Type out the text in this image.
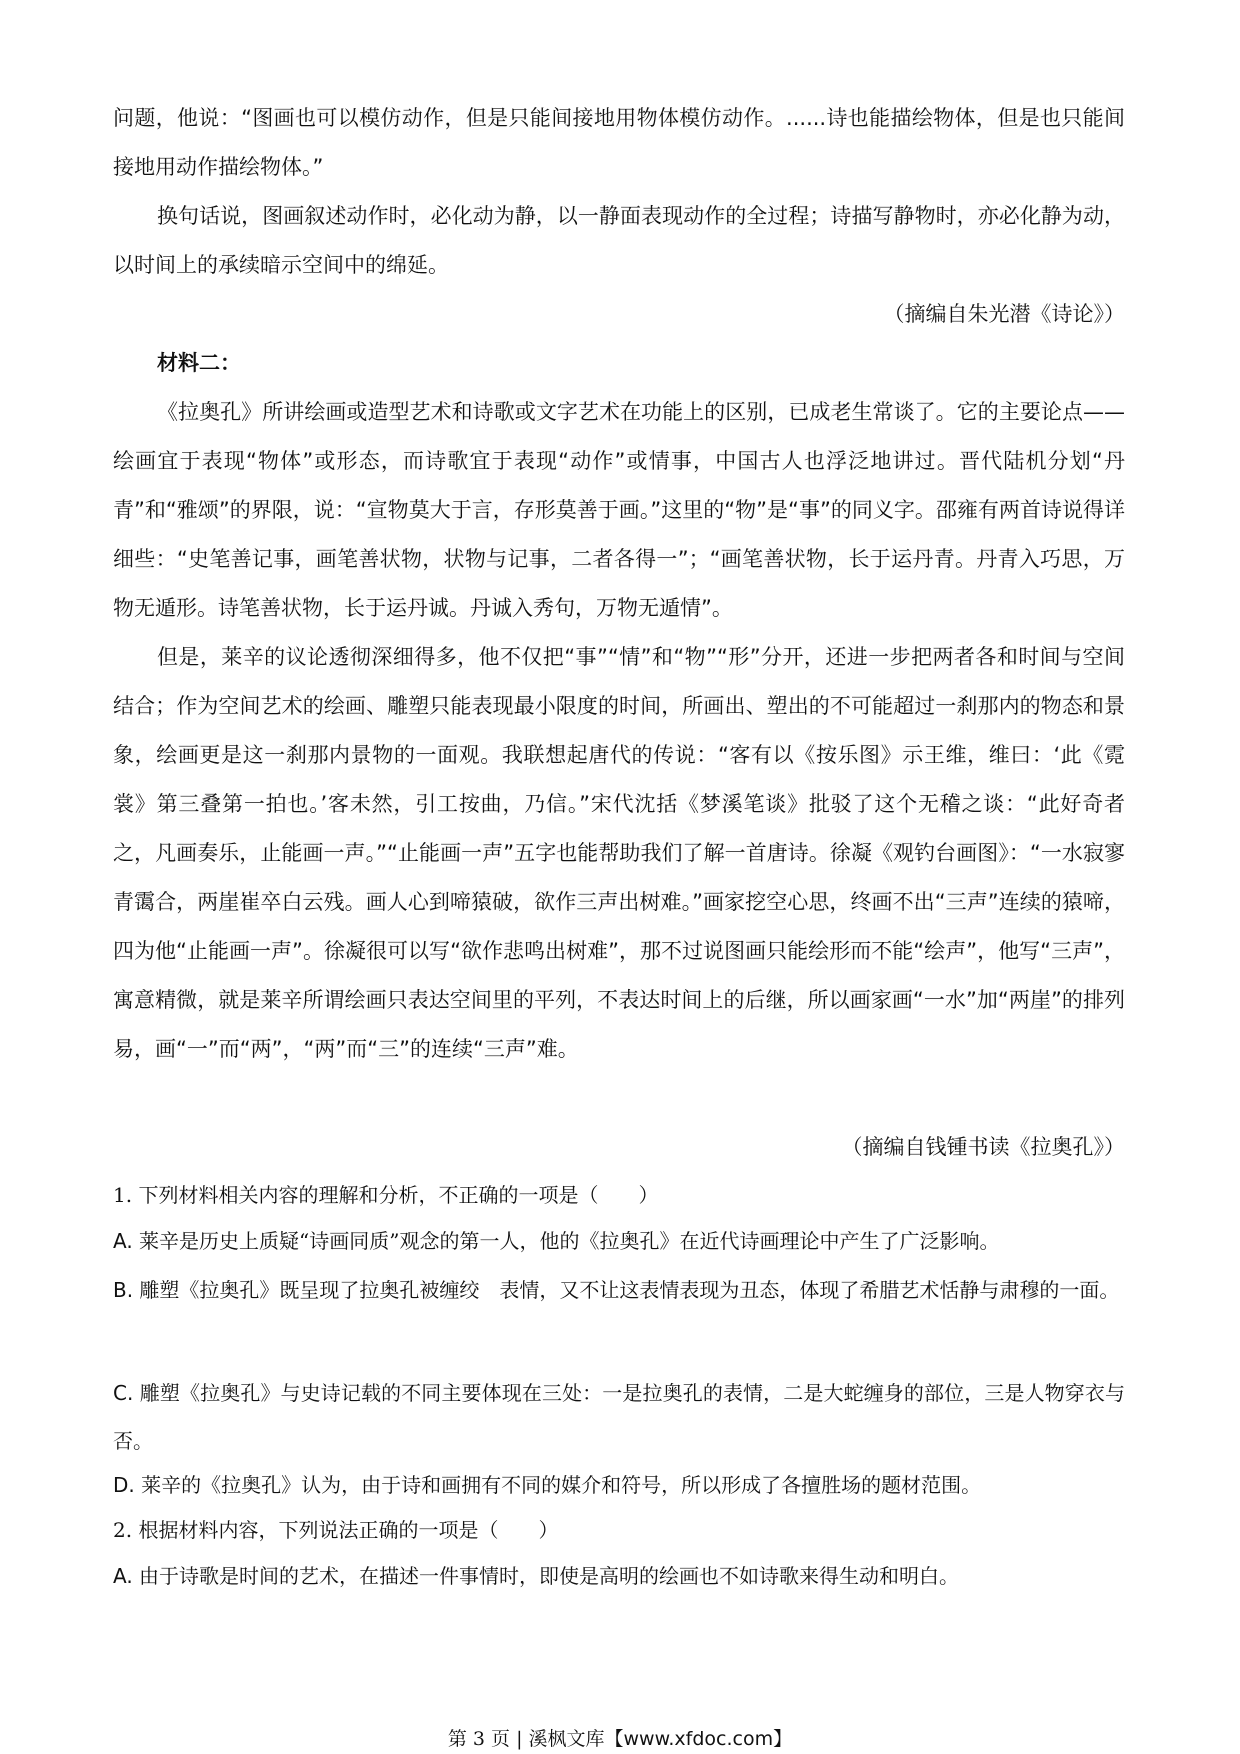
问题，他说：“图画也可以模仿动作，但是只能间接地用物体模仿动作。......诗也能描绘物体，但是也只能间接地用动作描绘物体。”

换句话说，图画叙述动作时，必化动为静，以一静面表现动作的全过程；诗描写静物时，亦必化静为动，以时间上的承续暗示空间中的绵延。

（摘编自朱光潜《诗论》）

材料二：

《拉奥孔》所讲绘画或造型艺术和诗歌或文字艺术在功能上的区别，已成老生常谈了。它的主要论点——绘画宜于表现“物体”或形态，而诗歌宜于表现“动作”或情事，中国古人也浮泛地讲过。晋代陆机分划“丹青”和“雅颂”的界限，说：“宣物莫大于言，存形莫善于画。”这里的“物”是“事”的同义字。邵雍有两首诗说得详细些：“史笔善记事，画笔善状物，状物与记事，二者各得一”；“画笔善状物，长于运丹青。丹青入巧思，万物无遁形。诗笔善状物，长于运丹诚。丹诚入秀句，万物无遁情”。

但是，莱辛的议论透彻深细得多，他不仅把“事”“情”和“物”“形”分开，还进一步把两者各和时间与空间结合；作为空间艺术的绘画、雕塑只能表现最小限度的时间，所画出、塑出的不可能超过一刹那内的物态和景象，绘画更是这一刹那内景物的一面观。我联想起唐代的传说：“客有以《按乐图》示王维，维曰：‘此《霓裳》第三叠第一拍也。’客未然，引工按曲，乃信。”宋代沈括《梦溪笔谈》批驳了这个无稽之谈：“此好奇者之，凡画奏乐，止能画一声。”“止能画一声”五字也能帮助我们了解一首唐诗。徐凝《观钓台画图》：“一水寂寥青霭合，两崖崔卒白云残。画人心到啼猿破，欲作三声出树难。”画家挖空心思，终画不出“三声”连续的猿啼，四为他“止能画一声”。徐凝很可以写“欲作悲鸣出树难”，那不过说图画只能绘形而不能“绘声”，他写“三声”，寓意精微，就是莱辛所谓绘画只表达空间里的平列，不表达时间上的后继，所以画家画“一水”加“两崖”的排列易，画“一”而“两”，“两”而“三”的连续“三声”难。

（摘编自钱锺书读《拉奥孔》）

1. 下列材料相关内容的理解和分析，不正确的一项是（　　）

A. 莱辛是历史上质疑“诗画同质”观念的第一人，他的《拉奥孔》在近代诗画理论中产生了广泛影响。

B. 雕塑《拉奥孔》既呈现了拉奥孔被缠绞　表情，又不让这表情表现为丑态，体现了希腊艺术恬静与肃穆的一面。

C. 雕塑《拉奥孔》与史诗记载的不同主要体现在三处：一是拉奥孔的表情，二是大蛇缠身的部位，三是人物穿衣与否。

D. 莱辛的《拉奥孔》认为，由于诗和画拥有不同的媒介和符号，所以形成了各擅胜场的题材范围。

2. 根据材料内容，下列说法正确的一项是（　　）

A. 由于诗歌是时间的艺术，在描述一件事情时，即使是高明的绘画也不如诗歌来得生动和明白。

第 3 页 | 溪枫文库【www.xfdoc.com】
